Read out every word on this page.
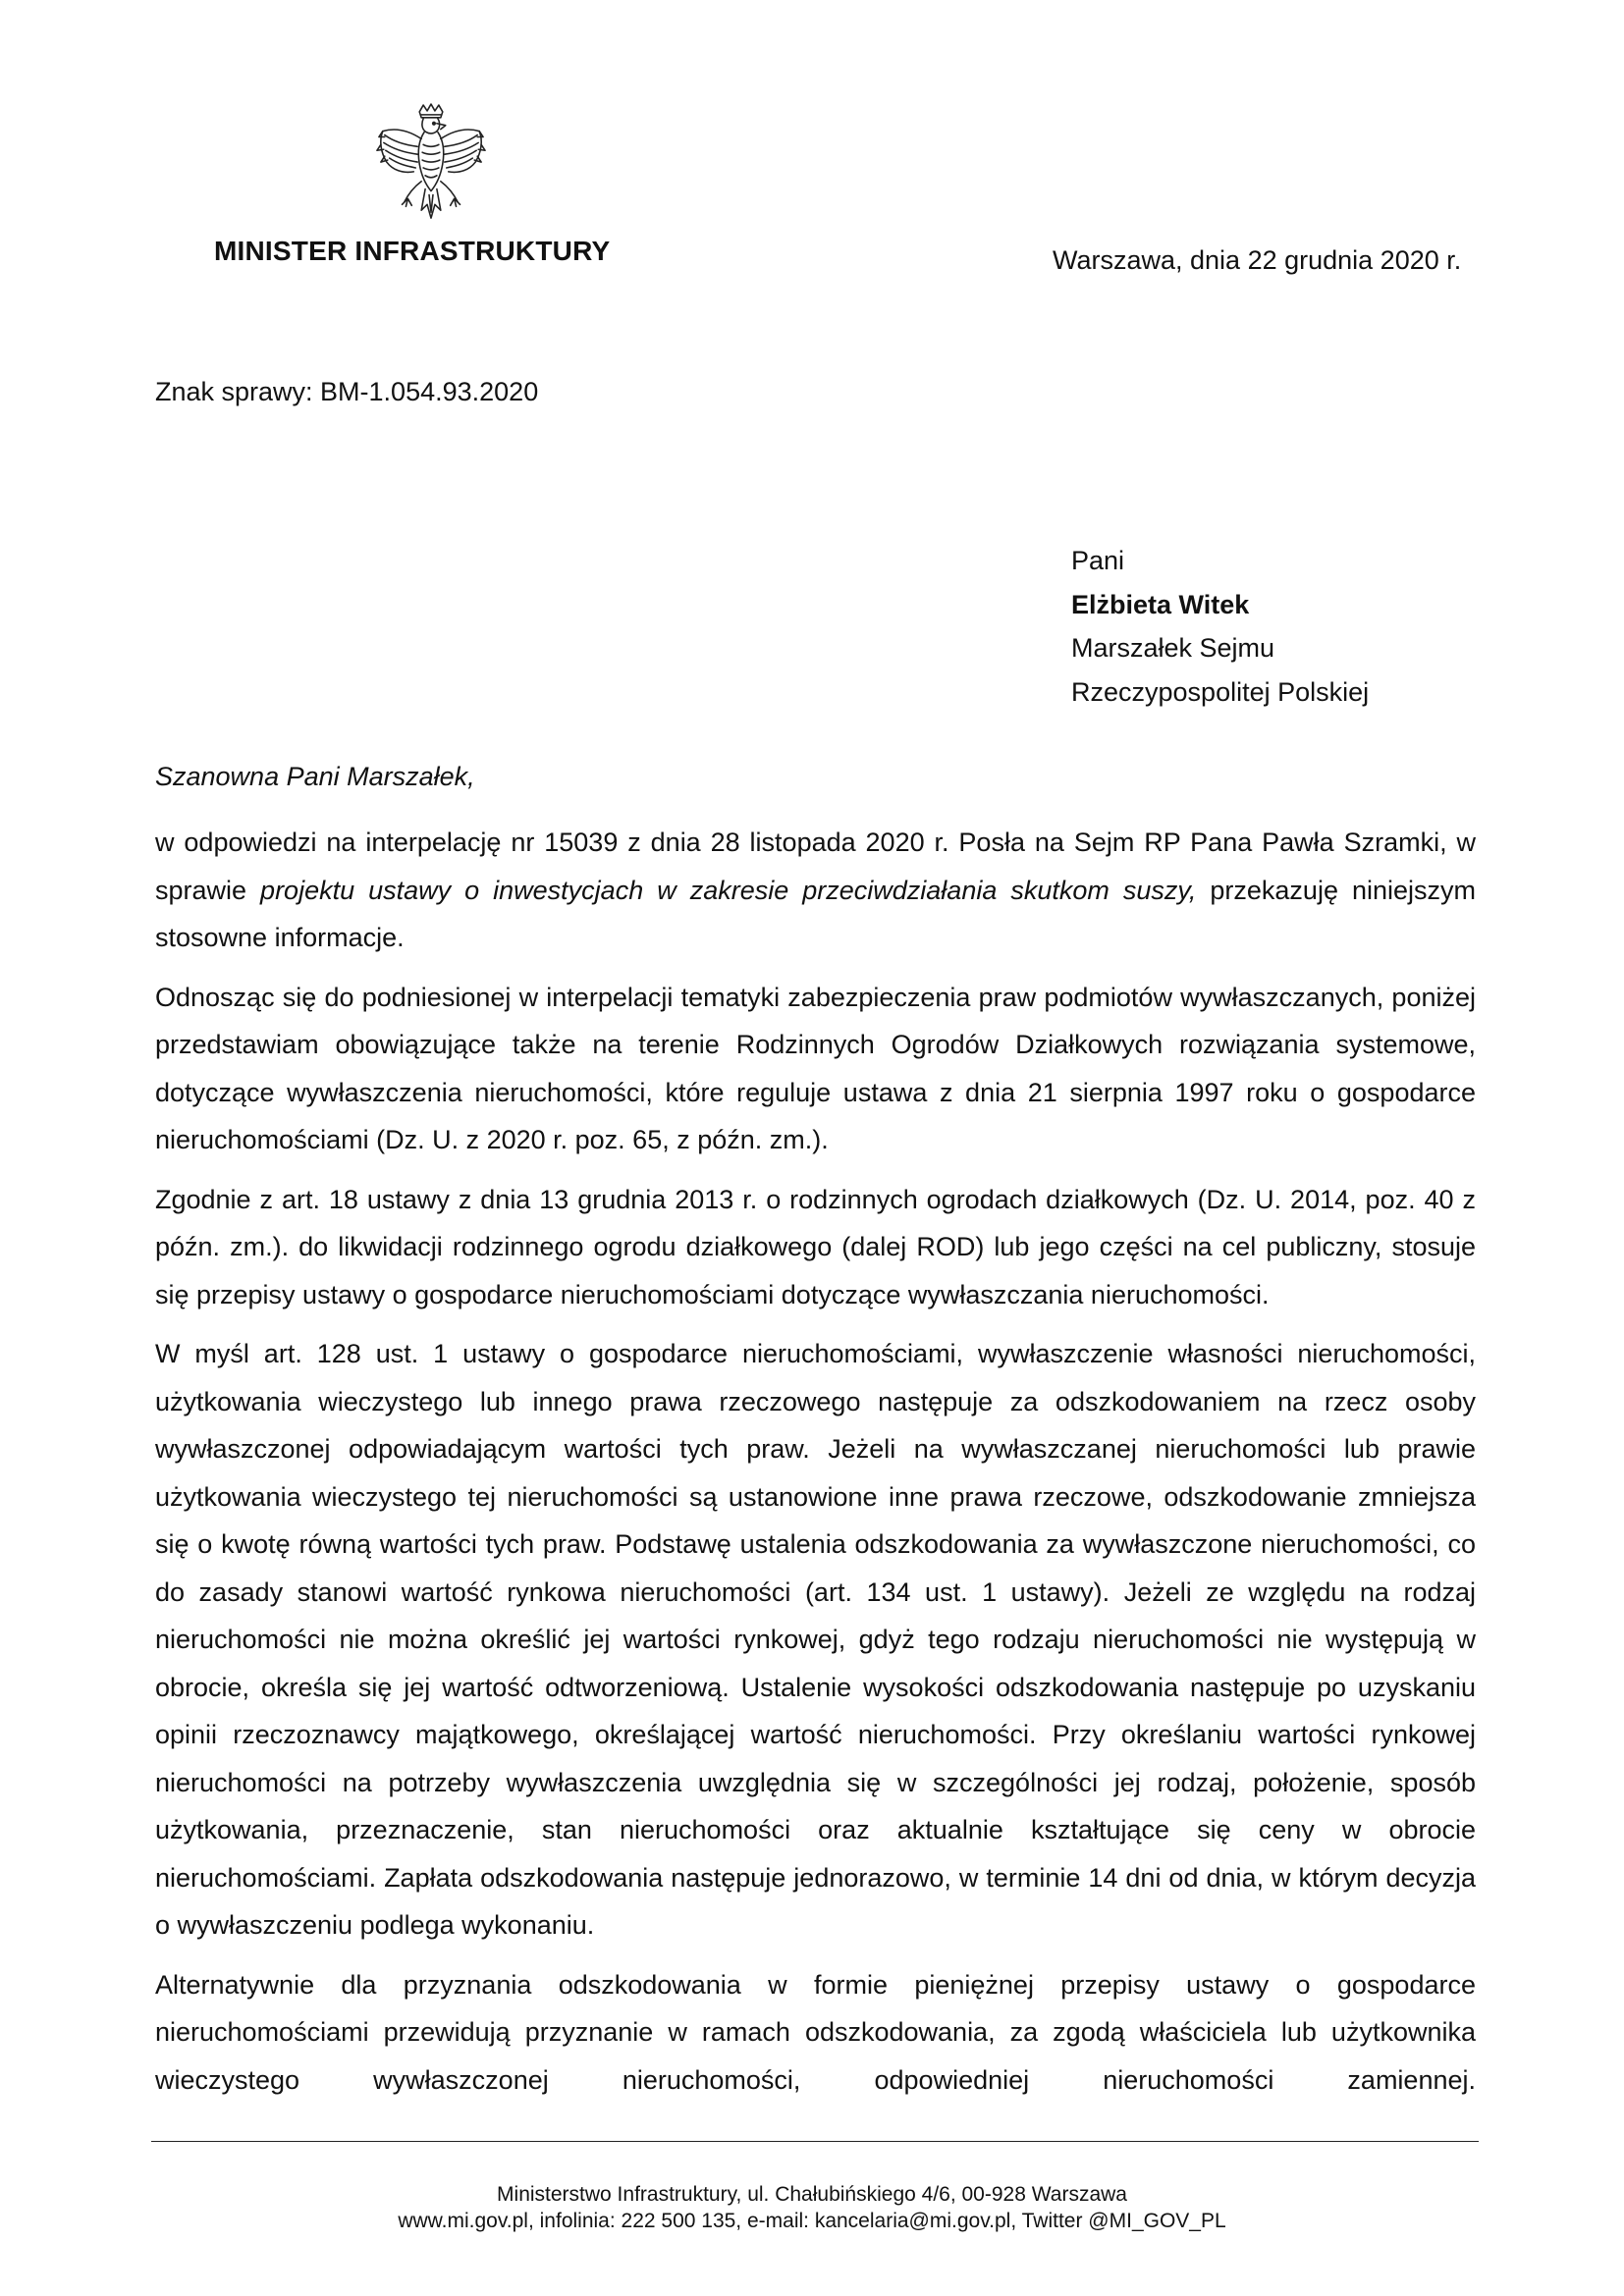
MINISTER INFRASTRUKTURY	Warszawa, dnia 22 grudnia 2020 r.
Znak sprawy: BM-1.054.93.2020
Pani
Elżbieta Witek
Marszałek Sejmu
Rzeczypospolitej Polskiej
Szanowna Pani Marszałek,

w odpowiedzi na interpelację nr 15039 z dnia 28 listopada 2020 r. Posła na Sejm RP Pana Pawła Szramki, w sprawie projektu ustawy o inwestycjach w zakresie przeciwdziałania skutkom suszy, przekazuję niniejszym stosowne informacje.

Odnosząc się do podniesionej w interpelacji tematyki zabezpieczenia praw podmiotów wywłaszczanych, poniżej przedstawiam obowiązujące także na terenie Rodzinnych Ogrodów Działkowych rozwiązania systemowe, dotyczące wywłaszczenia nieruchomości, które reguluje ustawa z dnia 21 sierpnia 1997 roku o gospodarce nieruchomościami (Dz. U. z 2020 r. poz. 65, z późn. zm.).

Zgodnie z art. 18 ustawy z dnia 13 grudnia 2013 r. o rodzinnych ogrodach działkowych (Dz. U. 2014, poz. 40 z późn. zm.). do likwidacji rodzinnego ogrodu działkowego (dalej ROD) lub jego części na cel publiczny, stosuje się przepisy ustawy o gospodarce nieruchomościami dotyczące wywłaszczania nieruchomości.

W myśl art. 128 ust. 1 ustawy o gospodarce nieruchomościami, wywłaszczenie własności nieruchomości, użytkowania wieczystego lub innego prawa rzeczowego następuje za odszkodowaniem na rzecz osoby wywłaszczonej odpowiadającym wartości tych praw. Jeżeli na wywłaszczanej nieruchomości lub prawie użytkowania wieczystego tej nieruchomości są ustanowione inne prawa rzeczowe, odszkodowanie zmniejsza się o kwotę równą wartości tych praw. Podstawę ustalenia odszkodowania za wywłaszczone nieruchomości, co do zasady stanowi wartość rynkowa nieruchomości (art. 134 ust. 1 ustawy). Jeżeli ze względu na rodzaj nieruchomości nie można określić jej wartości rynkowej, gdyż tego rodzaju nieruchomości nie występują w obrocie, określa się jej wartość odtworzeniową. Ustalenie wysokości odszkodowania następuje po uzyskaniu opinii rzeczoznawcy majątkowego, określającej wartość nieruchomości. Przy określaniu wartości rynkowej nieruchomości na potrzeby wywłaszczenia uwzględnia się w szczególności jej rodzaj, położenie, sposób użytkowania, przeznaczenie, stan nieruchomości oraz aktualnie kształtujące się ceny w obrocie nieruchomościami. Zapłata odszkodowania następuje jednorazowo, w terminie 14 dni od dnia, w którym decyzja o wywłaszczeniu podlega wykonaniu.

Alternatywnie dla przyznania odszkodowania w formie pieniężnej przepisy ustawy o gospodarce nieruchomościami przewidują przyznanie w ramach odszkodowania, za zgodą właściciela lub użytkownika wieczystego wywłaszczonej nieruchomości, odpowiedniej nieruchomości zamiennej.

Ministerstwo Infrastruktury, ul. Chałubińskiego 4/6, 00-928 Warszawa
www.mi.gov.pl, infolinia: 222 500 135, e-mail: kancelaria@mi.gov.pl, Twitter @MI_GOV_PL
